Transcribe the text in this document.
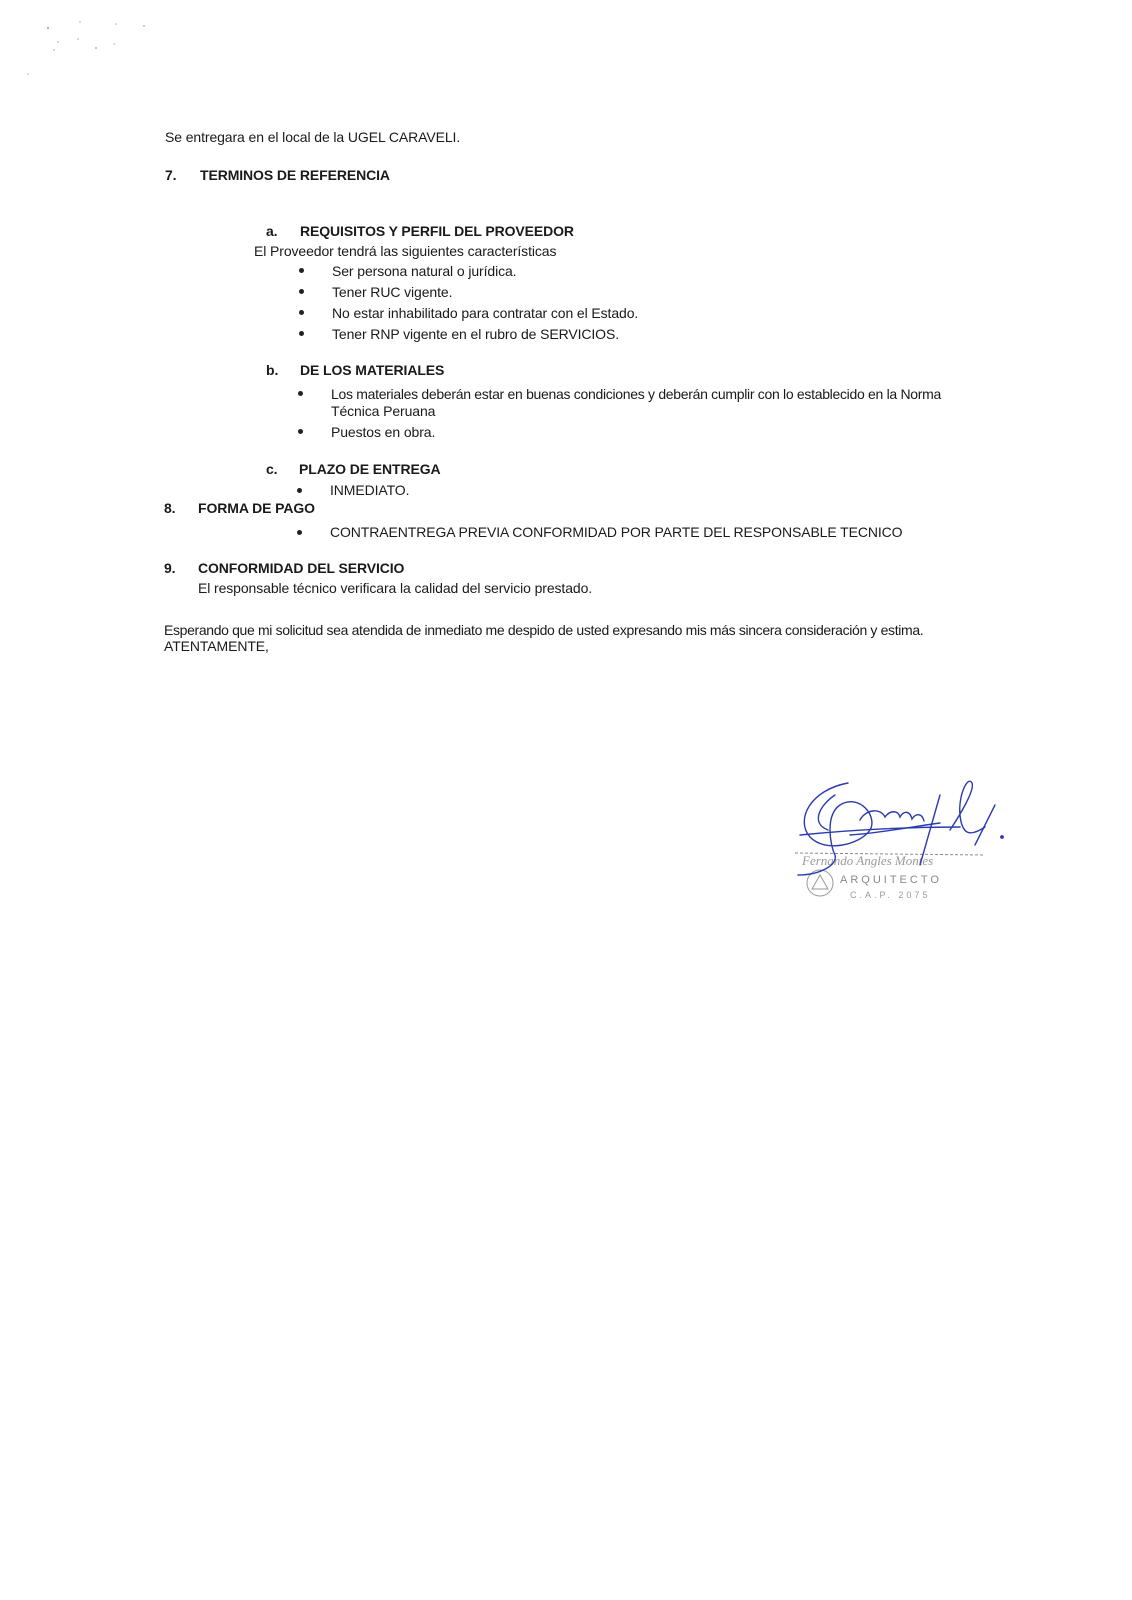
Se entregara en el local de la UGEL CARAVELI.
7. TERMINOS DE REFERENCIA
a. REQUISITOS Y PERFIL DEL PROVEEDOR
El Proveedor tendrá las siguientes características
Ser persona natural o jurídica.
Tener RUC vigente.
No estar inhabilitado para contratar con el Estado.
Tener RNP vigente en el rubro de SERVICIOS.
b. DE LOS MATERIALES
Los materiales deberán estar en buenas condiciones y deberán cumplir con lo establecido en la Norma
Técnica Peruana
Puestos en obra.
c. PLAZO DE ENTREGA
INMEDIATO.
8. FORMA DE PAGO
CONTRAENTREGA PREVIA CONFORMIDAD POR PARTE DEL RESPONSABLE TECNICO
9. CONFORMIDAD DEL SERVICIO
El responsable técnico verificara la calidad del servicio prestado.
Esperando que mi solicitud sea atendida de inmediato me despido de usted expresando mis más sincera consideración y estima.
ATENTAMENTE,
Fernando Angles Montes
ARQUITECTO
C.A.P. 2075
